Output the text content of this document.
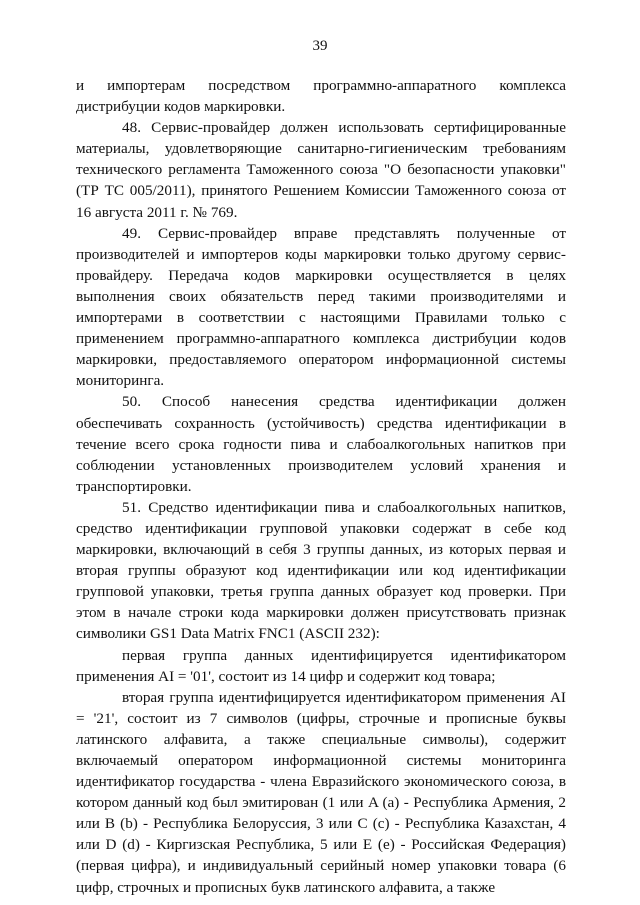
39

и импортерам посредством программно-аппаратного комплекса дистрибуции кодов маркировки.

48. Сервис-провайдер должен использовать сертифицированные материалы, удовлетворяющие санитарно-гигиеническим требованиям технического регламента Таможенного союза "О безопасности упаковки" (ТР ТС 005/2011), принятого Решением Комиссии Таможенного союза от 16 августа 2011 г. № 769.

49. Сервис-провайдер вправе представлять полученные от производителей и импортеров коды маркировки только другому сервис-провайдеру. Передача кодов маркировки осуществляется в целях выполнения своих обязательств перед такими производителями и импортерами в соответствии с настоящими Правилами только с применением программно-аппаратного комплекса дистрибуции кодов маркировки, предоставляемого оператором информационной системы мониторинга.

50. Способ нанесения средства идентификации должен обеспечивать сохранность (устойчивость) средства идентификации в течение всего срока годности пива и слабоалкогольных напитков при соблюдении установленных производителем условий хранения и транспортировки.

51. Средство идентификации пива и слабоалкогольных напитков, средство идентификации групповой упаковки содержат в себе код маркировки, включающий в себя 3 группы данных, из которых первая и вторая группы образуют код идентификации или код идентификации групповой упаковки, третья группа данных образует код проверки. При этом в начале строки кода маркировки должен присутствовать признак символики GS1 Data Matrix FNC1 (ASCII 232):

первая группа данных идентифицируется идентификатором применения AI = '01', состоит из 14 цифр и содержит код товара;

вторая группа идентифицируется идентификатором применения AI = '21', состоит из 7 символов (цифры, строчные и прописные буквы латинского алфавита, а также специальные символы), содержит включаемый оператором информационной системы мониторинга идентификатор государства - члена Евразийского экономического союза, в котором данный код был эмитирован (1 или A (a) - Республика Армения, 2 или B (b) - Республика Белоруссия, 3 или C (c) - Республика Казахстан, 4 или D (d) - Киргизская Республика, 5 или E (e) - Российская Федерация) (первая цифра), и индивидуальный серийный номер упаковки товара (6 цифр, строчных и прописных букв латинского алфавита, а также
